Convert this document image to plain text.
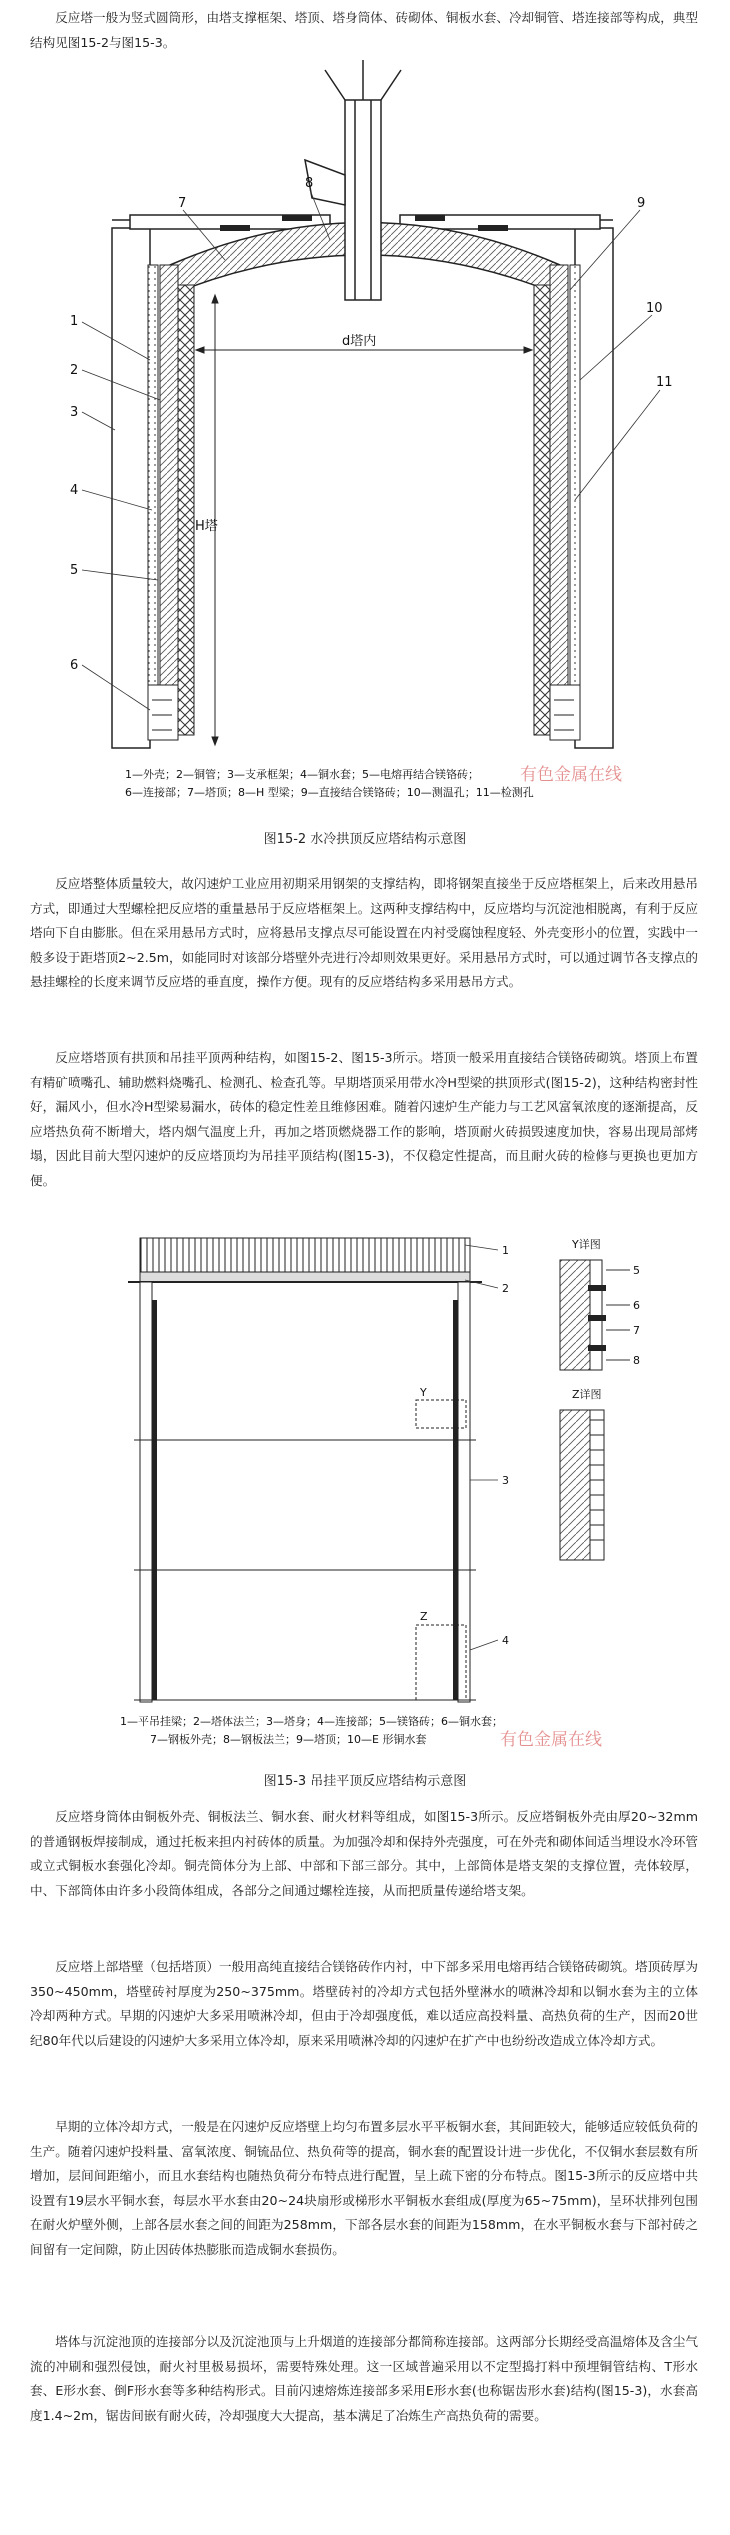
反应塔一般为竖式圆筒形，由塔支撑框架、塔顶、塔身筒体、砖砌体、铜板水套、冷却铜管、塔连接部等构成，典型结构见图15-2与图15-3。

d塔内
H塔
1
2
3
4
5
6
7
8
9
10
11
1—外壳；2—铜管；3—支承框架；4—铜水套；5—电熔再结合镁铬砖；
6—连接部；7—塔顶；8—H 型梁；9—直接结合镁铬砖；10—测温孔；11—检测孔
有色金属在线
图15-2 水冷拱顶反应塔结构示意图

反应塔整体质量较大，故闪速炉工业应用初期采用钢架的支撑结构，即将钢架直接坐于反应塔框架上，后来改用悬吊方式，即通过大型螺栓把反应塔的重量悬吊于反应塔框架上。这两种支撑结构中，反应塔均与沉淀池相脱离，有利于反应塔向下自由膨胀。但在采用悬吊方式时，应将悬吊支撑点尽可能设置在内衬受腐蚀程度轻、外壳变形小的位置，实践中一般多设于距塔顶2~2.5m，如能同时对该部分塔壁外壳进行冷却则效果更好。采用悬吊方式时，可以通过调节各支撑点的悬挂螺栓的长度来调节反应塔的垂直度，操作方便。现有的反应塔结构多采用悬吊方式。

反应塔塔顶有拱顶和吊挂平顶两种结构，如图15-2、图15-3所示。塔顶一般采用直接结合镁铬砖砌筑。塔顶上布置有精矿喷嘴孔、辅助燃料烧嘴孔、检测孔、检查孔等。早期塔顶采用带水冷H型梁的拱顶形式(图15-2)，这种结构密封性好，漏风小，但水冷H型梁易漏水，砖体的稳定性差且维修困难。随着闪速炉生产能力与工艺风富氧浓度的逐渐提高，反应塔热负荷不断增大，塔内烟气温度上升，再加之塔顶燃烧器工作的影响，塔顶耐火砖损毁速度加快，容易出现局部烤塌，因此目前大型闪速炉的反应塔顶均为吊挂平顶结构(图15-3)，不仅稳定性提高，而且耐火砖的检修与更换也更加方便。

Y
Z
1
2
3
4
Y详图
5
6
7
8
Z详图
1—平吊挂梁；2—塔体法兰；3—塔身；4—连接部；5—镁铬砖；6—铜水套；
7—钢板外壳；8—钢板法兰；9—塔顶；10—E 形铜水套	有色金属在线
图15-3 吊挂平顶反应塔结构示意图

反应塔身筒体由铜板外壳、铜板法兰、铜水套、耐火材料等组成，如图15-3所示。反应塔铜板外壳由厚20~32mm的普通钢板焊接制成，通过托板来担内衬砖体的质量。为加强冷却和保持外壳强度，可在外壳和砌体间适当埋设水冷环管或立式铜板水套强化冷却。铜壳筒体分为上部、中部和下部三部分。其中，上部筒体是塔支架的支撑位置，壳体较厚，中、下部筒体由许多小段筒体组成，各部分之间通过螺栓连接，从而把质量传递给塔支架。

反应塔上部塔壁（包括塔顶）一般用高纯直接结合镁铬砖作内衬，中下部多采用电熔再结合镁铬砖砌筑。塔顶砖厚为350~450mm，塔壁砖衬厚度为250~375mm。塔壁砖衬的冷却方式包括外壁淋水的喷淋冷却和以铜水套为主的立体冷却两种方式。早期的闪速炉大多采用喷淋冷却，但由于冷却强度低，难以适应高投料量、高热负荷的生产，因而20世纪80年代以后建设的闪速炉大多采用立体冷却，原来采用喷淋冷却的闪速炉在扩产中也纷纷改造成立体冷却方式。

早期的立体冷却方式，一般是在闪速炉反应塔壁上均匀布置多层水平平板铜水套，其间距较大，能够适应较低负荷的生产。随着闪速炉投料量、富氧浓度、铜锍品位、热负荷等的提高，铜水套的配置设计进一步优化，不仅铜水套层数有所增加，层间间距缩小，而且水套结构也随热负荷分布特点进行配置，呈上疏下密的分布特点。图15-3所示的反应塔中共设置有19层水平铜水套，每层水平水套由20~24块扇形或梯形水平铜板水套组成(厚度为65~75mm)，呈环状排列包围在耐火炉壁外侧，上部各层水套之间的间距为258mm，下部各层水套的间距为158mm，在水平铜板水套与下部衬砖之间留有一定间隙，防止因砖体热膨胀而造成铜水套损伤。

塔体与沉淀池顶的连接部分以及沉淀池顶与上升烟道的连接部分都简称连接部。这两部分长期经受高温熔体及含尘气流的冲刷和强烈侵蚀，耐火衬里极易损坏，需要特殊处理。这一区域普遍采用以不定型捣打料中预埋铜管结构、T形水套、E形水套、倒F形水套等多种结构形式。目前闪速熔炼连接部多采用E形水套(也称锯齿形水套)结构(图15-3)，水套高度1.4~2m，锯齿间嵌有耐火砖，冷却强度大大提高，基本满足了冶炼生产高热负荷的需要。
